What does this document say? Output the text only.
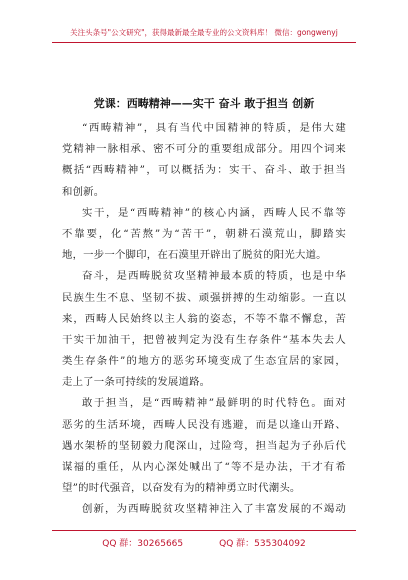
关注头条号"公文研究"，获得最新最全最专业的公文资料库！ 微信：gongwenyj
党课：西畴精神——实干 奋斗 敢于担当 创新
“西畴精神”，具有当代中国精神的特质，是伟大建
党精神一脉相承、密不可分的重要组成部分。用四个词来
概括“西畴精神”，可以概括为：实干、奋斗、敢于担当
和创新。
实干，是“西畴精神”的核心内涵，西畴人民不靠等
不靠要，化“苦熬”为“苦干”，朝耕石漠荒山，脚踏实
地，一步一个脚印，在石漠里开辟出了脱贫的阳光大道。
奋斗，是西畴脱贫攻坚精神最本质的特质，也是中华
民族生生不息、坚韧不拔、顽强拼搏的生动缩影。一直以
来，西畴人民始终以主人翁的姿态，不等不靠不懈怠，苦
干实干加油干，把曾被判定为没有生存条件“基本失去人
类生存条件”的地方的恶劣环境变成了生态宜居的家园，
走上了一条可持续的发展道路。
敢于担当，是“西畴精神”最鲜明的时代特色。面对
恶劣的生活环境，西畴人民没有逃避，而是以逢山开路、
遇水架桥的坚韧毅力爬深山，过险弯，担当起为子孙后代
谋福的重任，从内心深处喊出了“等不是办法，干才有希
望”的时代强音，以奋发有为的精神勇立时代潮头。
创新，为西畴脱贫攻坚精神注入了丰富发展的不竭动
QQ 群：30265665	QQ 群：535304092
